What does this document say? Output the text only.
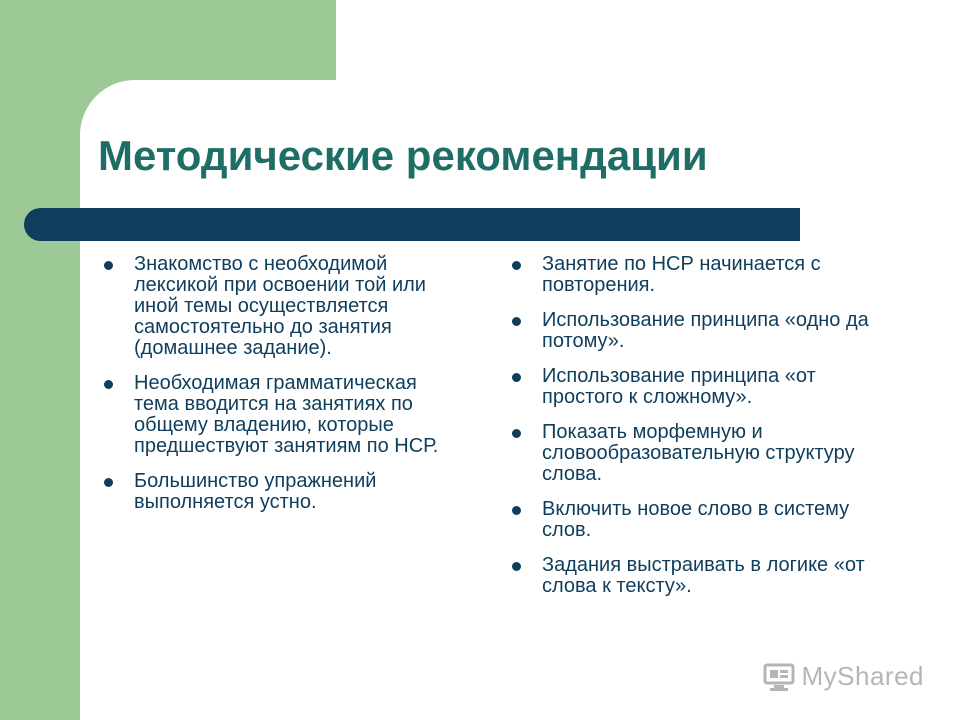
Методические рекомендации
Знакомство с необходимой лексикой при освоении той или иной темы осуществляется самостоятельно до занятия (домашнее задание).
Необходимая грамматическая тема вводится на занятиях по общему владению, которые предшествуют занятиям по НСР.
Большинство упражнений выполняется устно.
Занятие по НСР начинается с повторения.
Использование принципа «одно да потому».
Использование принципа «от простого к сложному».
Показать морфемную и словообразовательную структуру слова.
Включить новое слово в систему слов.
Задания выстраивать в логике «от слова к тексту».
MyShared
